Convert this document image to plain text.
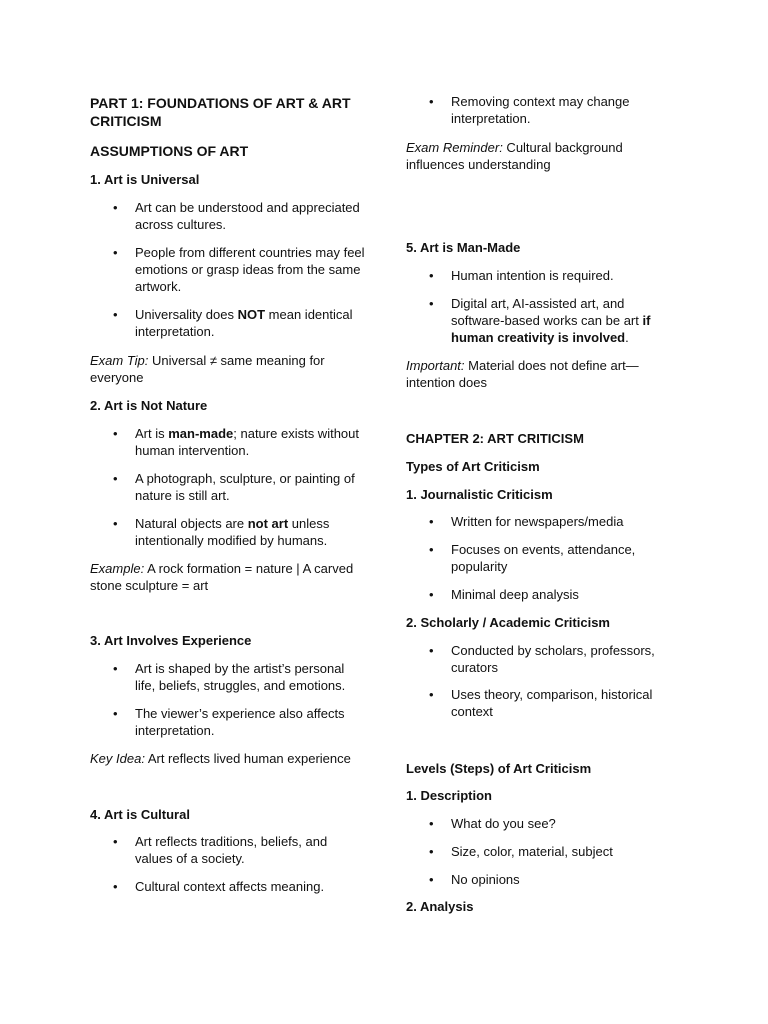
PART 1: FOUNDATIONS OF ART & ART CRITICISM
ASSUMPTIONS OF ART
1. Art is Universal
• Art can be understood and appreciated across cultures.
• People from different countries may feel emotions or grasp ideas from the same artwork.
• Universality does NOT mean identical interpretation.
Exam Tip: Universal ≠ same meaning for everyone
2. Art is Not Nature
• Art is man-made; nature exists without human intervention.
• A photograph, sculpture, or painting of nature is still art.
• Natural objects are not art unless intentionally modified by humans.
Example: A rock formation = nature | A carved stone sculpture = art
3. Art Involves Experience
• Art is shaped by the artist’s personal life, beliefs, struggles, and emotions.
• The viewer’s experience also affects interpretation.
Key Idea: Art reflects lived human experience
4. Art is Cultural
• Art reflects traditions, beliefs, and values of a society.
• Cultural context affects meaning.
• Removing context may change interpretation.
Exam Reminder: Cultural background influences understanding
5. Art is Man-Made
• Human intention is required.
• Digital art, AI-assisted art, and software-based works can be art if human creativity is involved.
Important: Material does not define art—intention does
CHAPTER 2: ART CRITICISM
Types of Art Criticism
1. Journalistic Criticism
• Written for newspapers/media
• Focuses on events, attendance, popularity
• Minimal deep analysis
2. Scholarly / Academic Criticism
• Conducted by scholars, professors, curators
• Uses theory, comparison, historical context
Levels (Steps) of Art Criticism
1. Description
• What do you see?
• Size, color, material, subject
• No opinions
2. Analysis
